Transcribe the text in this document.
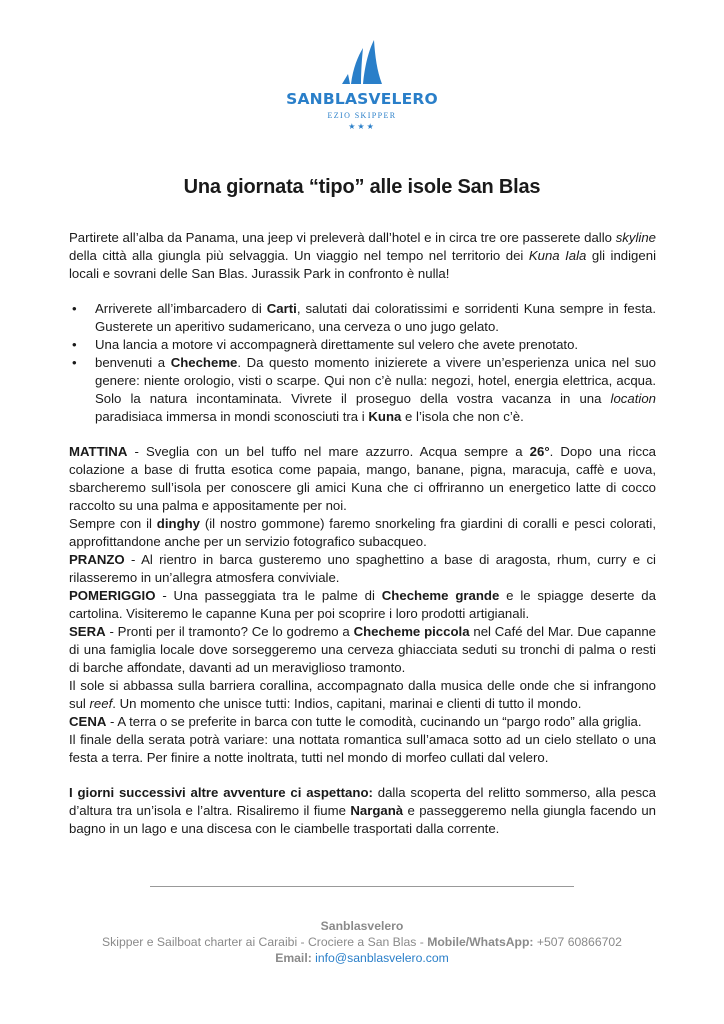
SANBLASVELERO
EZIO SKIPPER
★★★
Una giornata “tipo” alle isole San Blas

Partirete all’alba da Panama, una jeep vi preleverà dall’hotel e in circa tre ore passerete dallo skyline della città alla giungla più selvaggia. Un viaggio nel tempo nel territorio dei Kuna Iala gli indigeni locali e sovrani delle San Blas. Jurassik Park in confronto è nulla!

• Arriverete all’imbarcadero di Carti, salutati dai coloratissimi e sorridenti Kuna sempre in festa. Gusterete un aperitivo sudamericano, una cerveza o uno jugo gelato.
• Una lancia a motore vi accompagnerà direttamente sul velero che avete prenotato.
• benvenuti a Checheme. Da questo momento inizierete a vivere un’esperienza unica nel suo genere: niente orologio, visti o scarpe. Qui non c’è nulla: negozi, hotel, energia elettrica, acqua. Solo la natura incontaminata. Vivrete il proseguo della vostra vacanza in una location paradisiaca immersa in mondi sconosciuti tra i Kuna e l’isola che non c’è.

MATTINA - Sveglia con un bel tuffo nel mare azzurro. Acqua sempre a 26°. Dopo una ricca colazione a base di frutta esotica come papaia, mango, banane, pigna, maracuja, caffè e uova, sbarcheremo sull’isola per conoscere gli amici Kuna che ci offriranno un energetico latte di cocco raccolto su una palma e appositamente per noi.

Sempre con il dinghy (il nostro gommone) faremo snorkeling fra giardini di coralli e pesci colorati, approfittandone anche per un servizio fotografico subacqueo.

PRANZO - Al rientro in barca gusteremo uno spaghettino a base di aragosta, rhum, curry e ci rilasseremo in un’allegra atmosfera conviviale.

POMERIGGIO - Una passeggiata tra le palme di Checheme grande e le spiagge deserte da cartolina. Visiteremo le capanne Kuna per poi scoprire i loro prodotti artigianali.

SERA - Pronti per il tramonto? Ce lo godremo a Checheme piccola nel Café del Mar. Due capanne di una famiglia locale dove sorseggeremo una cerveza ghiacciata seduti su tronchi di palma o resti di barche affondate, davanti ad un meraviglioso tramonto.

Il sole si abbassa sulla barriera corallina, accompagnato dalla musica delle onde che si infrangono sul reef. Un momento che unisce tutti: Indios, capitani, marinai e clienti di tutto il mondo.

CENA - A terra o se preferite in barca con tutte le comodità, cucinando un “pargo rodo” alla griglia.

Il finale della serata potrà variare: una nottata romantica sull’amaca sotto ad un cielo stellato o una festa a terra. Per finire a notte inoltrata, tutti nel mondo di morfeo cullati dal velero.

I giorni successivi altre avventure ci aspettano: dalla scoperta del relitto sommerso, alla pesca d’altura tra un’isola e l’altra. Risaliremo il fiume Narganà e passeggeremo nella giungla facendo un bagno in un lago e una discesa con le ciambelle trasportati dalla corrente.

Sanblasvelero
Skipper e Sailboat charter ai Caraibi - Crociere a San Blas - Mobile/WhatsApp: +507 60866702
Email: info@sanblasvelero.com
